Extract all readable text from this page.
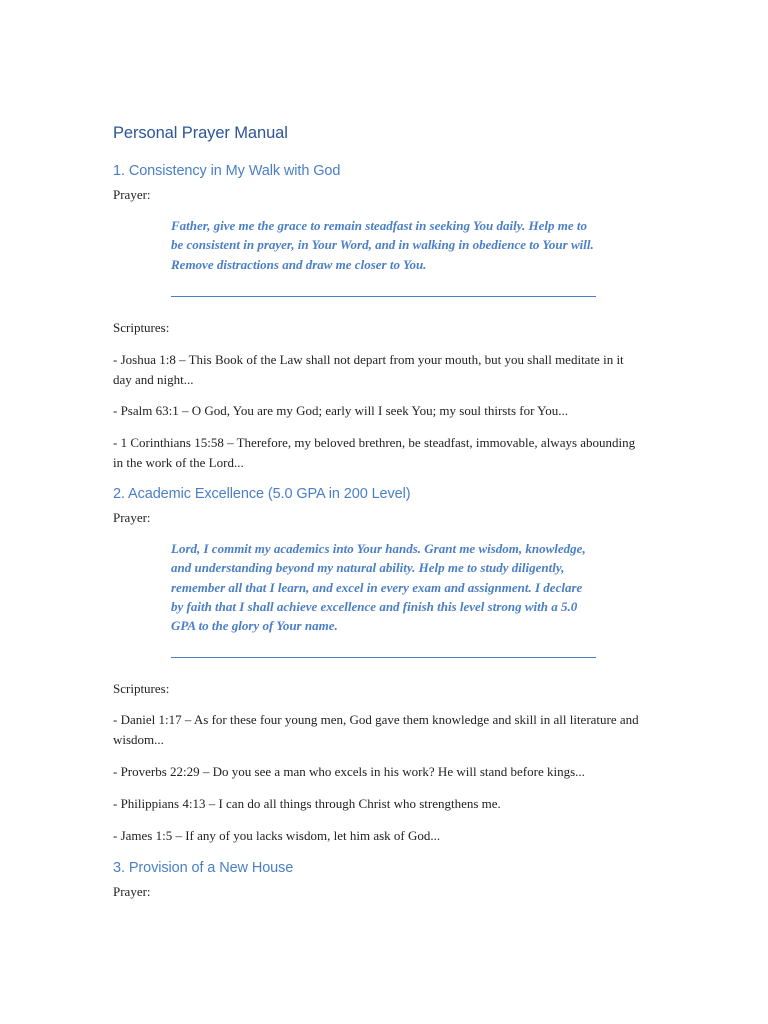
Personal Prayer Manual
1. Consistency in My Walk with God

Prayer:

Father, give me the grace to remain steadfast in seeking You daily. Help me to be consistent in prayer, in Your Word, and in walking in obedience to Your will. Remove distractions and draw me closer to You.

Scriptures:

- Joshua 1:8 – This Book of the Law shall not depart from your mouth, but you shall meditate in it day and night...

- Psalm 63:1 – O God, You are my God; early will I seek You; my soul thirsts for You...

- 1 Corinthians 15:58 – Therefore, my beloved brethren, be steadfast, immovable, always abounding in the work of the Lord...

2. Academic Excellence (5.0 GPA in 200 Level)

Prayer:

Lord, I commit my academics into Your hands. Grant me wisdom, knowledge, and understanding beyond my natural ability. Help me to study diligently, remember all that I learn, and excel in every exam and assignment. I declare by faith that I shall achieve excellence and finish this level strong with a 5.0 GPA to the glory of Your name.

Scriptures:

- Daniel 1:17 – As for these four young men, God gave them knowledge and skill in all literature and wisdom...

- Proverbs 22:29 – Do you see a man who excels in his work? He will stand before kings...

- Philippians 4:13 – I can do all things through Christ who strengthens me.

- James 1:5 – If any of you lacks wisdom, let him ask of God...

3. Provision of a New House

Prayer:
